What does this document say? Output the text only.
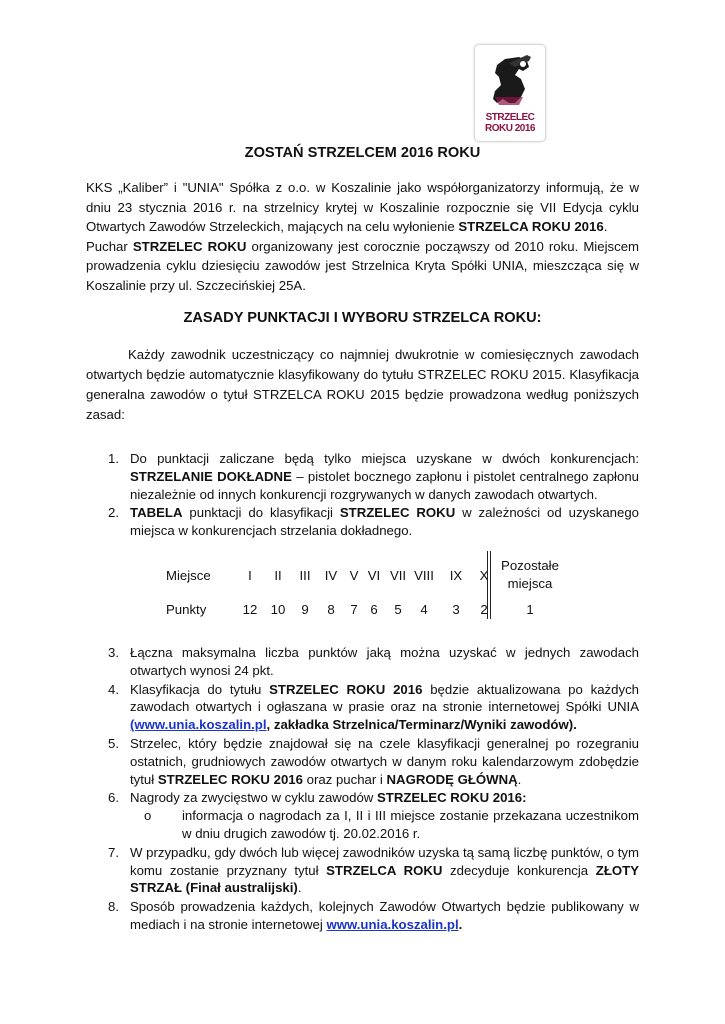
STRZELEC
ROKU 2016
ZOSTAŃ STRZELCEM 2016 ROKU
KKS „Kaliber” i "UNIA" Spółka z o.o. w Koszalinie jako współorganizatorzy informują, że w dniu 23 stycznia 2016 r. na strzelnicy krytej w Koszalinie rozpocznie się VII Edycja cyklu Otwartych Zawodów Strzeleckich, mających na celu wyłonienie STRZELCA ROKU 2016.
Puchar STRZELEC ROKU organizowany jest corocznie począwszy od 2010 roku. Miejscem prowadzenia cyklu dziesięciu zawodów jest Strzelnica Kryta Spółki UNIA, mieszcząca się w Koszalinie przy ul. Szczecińskiej 25A.
ZASADY PUNKTACJI I WYBORU STRZELCA ROKU:
Każdy zawodnik uczestniczący co najmniej dwukrotnie w comiesięcznych zawodach otwartych będzie automatycznie klasyfikowany do tytułu STRZELEC ROKU 2015. Klasyfikacja generalna zawodów o tytuł STRZELCA ROKU 2015 będzie prowadzona według poniższych zasad:
1. Do punktacji zaliczane będą tylko miejsca uzyskane w dwóch konkurencjach: STRZELANIE DOKŁADNE – pistolet bocznego zapłonu i pistolet centralnego zapłonu niezależnie od innych konkurencji rozgrywanych w danych zawodach otwartych.
2. TABELA punktacji do klasyfikacji STRZELEC ROKU w zależności od uzyskanego miejsca w konkurencjach strzelania dokładnego.
Miejsce
Punkty
I
12
II
10
III
9
IV
8
V
7
VI
6
VII
5
VIII
4
IX
3
X
2
Pozostałe
miejsca
1
3. Łączna maksymalna liczba punktów jaką można uzyskać w jednych zawodach otwartych wynosi 24 pkt.
4. Klasyfikacja do tytułu STRZELEC ROKU 2016 będzie aktualizowana po każdych zawodach otwartych i ogłaszana w prasie oraz na stronie internetowej Spółki UNIA (www.unia.koszalin.pl, zakładka Strzelnica/Terminarz/Wyniki zawodów).
5. Strzelec, który będzie znajdował się na czele klasyfikacji generalnej po rozegraniu ostatnich, grudniowych zawodów otwartych w danym roku kalendarzowym zdobędzie tytuł STRZELEC ROKU 2016 oraz puchar i NAGRODĘ GŁÓWNĄ.
6. Nagrody za zwycięstwo w cyklu zawodów STRZELEC ROKU 2016:
o informacja o nagrodach za I, II i III miejsce zostanie przekazana uczestnikom w dniu drugich zawodów tj. 20.02.2016 r.
7. W przypadku, gdy dwóch lub więcej zawodników uzyska tą samą liczbę punktów, o tym komu zostanie przyznany tytuł STRZELCA ROKU zdecyduje konkurencja ZŁOTY STRZAŁ (Finał australijski).
8. Sposób prowadzenia każdych, kolejnych Zawodów Otwartych będzie publikowany w mediach i na stronie internetowej www.unia.koszalin.pl.
